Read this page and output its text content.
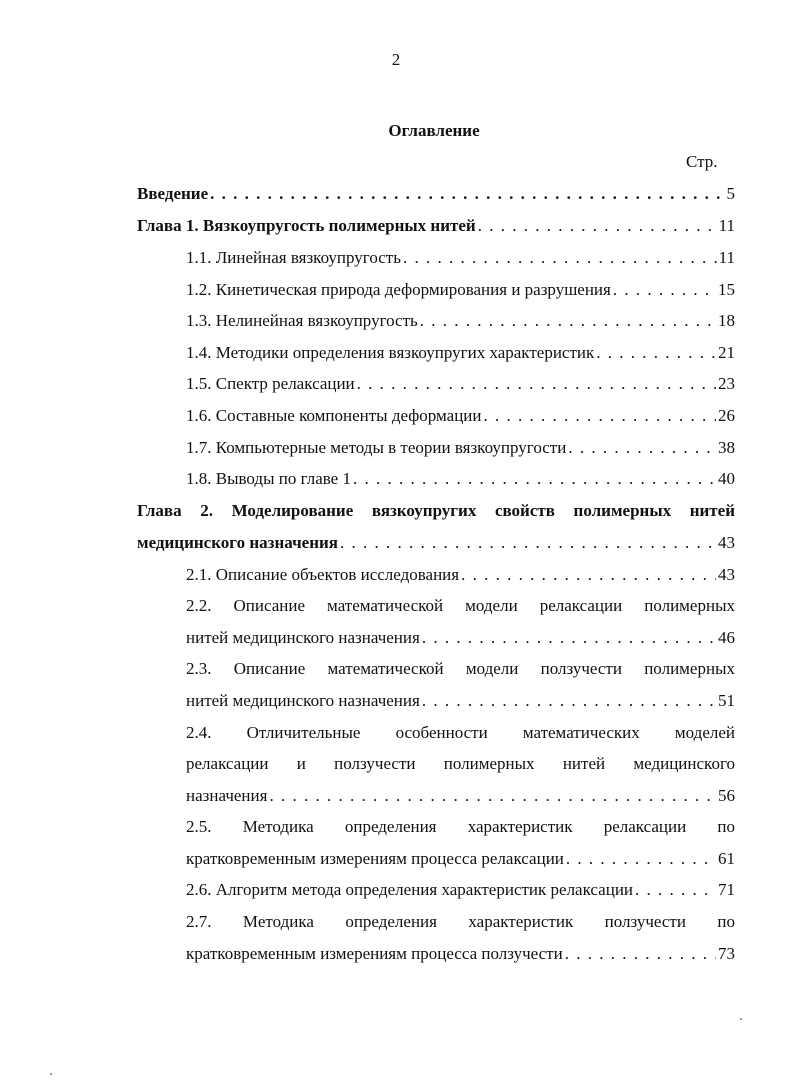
2
Оглавление
Стр.
Введение . . .	5
Глава 1. Вязкоупругость полимерных нитей . . .	11
1.1. Линейная вязкоупругость . . .	11
1.2. Кинетическая природа деформирования и разрушения . . .	15
1.3. Нелинейная вязкоупругость . . .	18
1.4. Методики определения вязкоупругих характеристик . . .	21
1.5. Спектр релаксации . . .	23
1.6. Составные компоненты деформации . . .	26
1.7. Компьютерные методы в теории вязкоупругости . . .	38
1.8. Выводы по главе 1 . . .	40
Глава 2. Моделирование вязкоупругих свойств полимерных нитей
медицинского назначения . . .	43
2.1. Описание объектов исследования . . .	43
2.2. Описание математической модели релаксации полимерных
нитей медицинского назначения . . .	46
2.3. Описание математической модели ползучести полимерных
нитей медицинского назначения . . .	51
2.4. Отличительные особенности математических моделей
релаксации и ползучести полимерных нитей медицинского
назначения . . .	56
2.5. Методика определения характеристик релаксации по
кратковременным измерениям процесса релаксации . . .	61
2.6. Алгоритм метода определения характеристик релаксации . . .	71
2.7. Методика определения характеристик ползучести по
кратковременным измерениям процесса ползучести . . .	73
